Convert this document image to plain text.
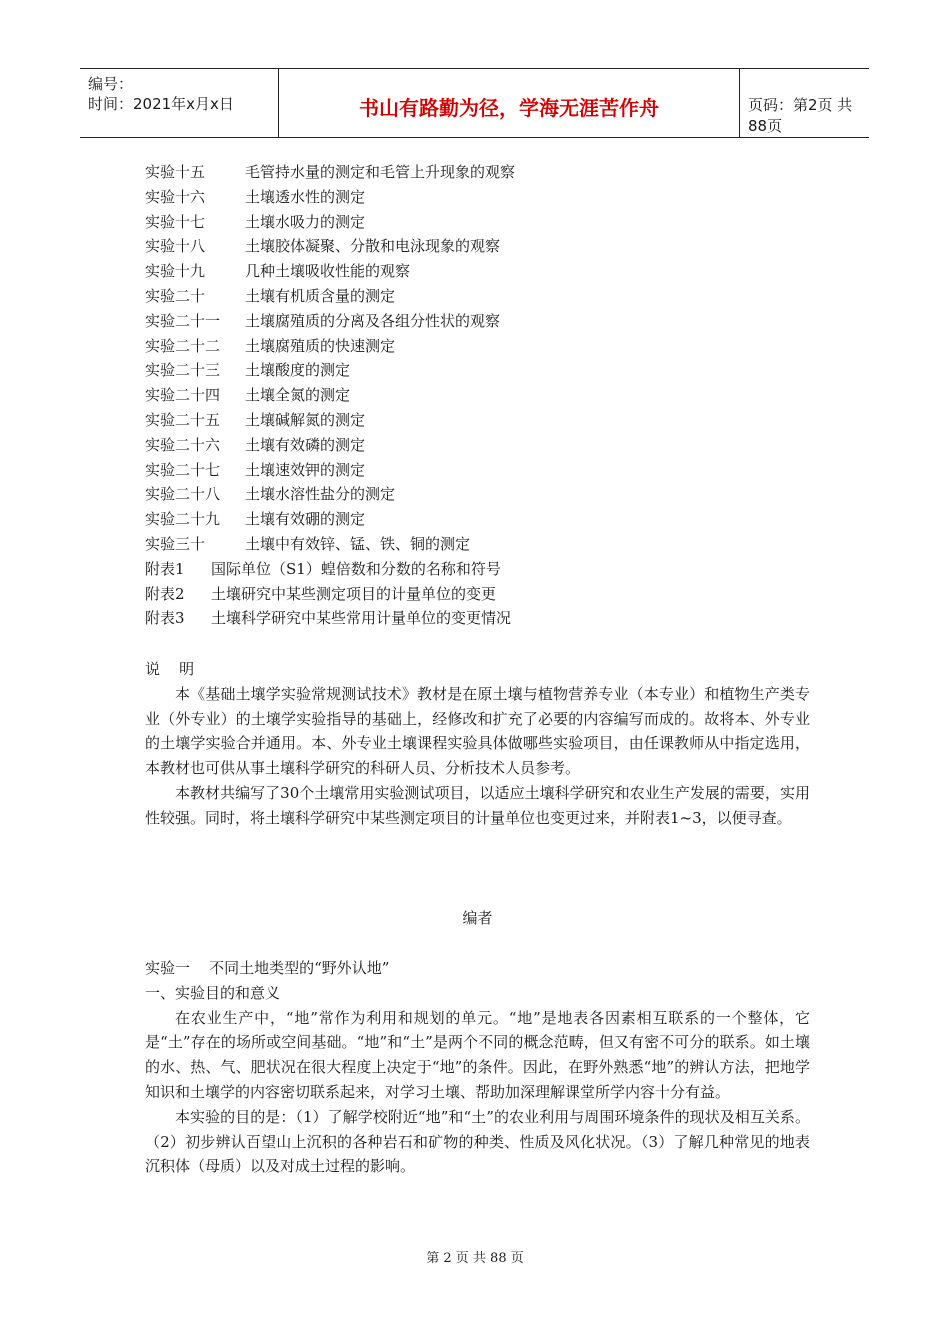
编号：
时间：2021年x月x日	书山有路勤为径，学海无涯苦作舟	页码：第2页 共88页
实验十五	毛管持水量的测定和毛管上升现象的观察
实验十六	土壤透水性的测定
实验十七	土壤水吸力的测定
实验十八	土壤胶体凝聚、分散和电泳现象的观察
实验十九	几种土壤吸收性能的观察
实验二十	土壤有机质含量的测定
实验二十一 土壤腐殖质的分离及各组分性状的观察
实验二十二 土壤腐殖质的快速测定
实验二十三 土壤酸度的测定
实验二十四 土壤全氮的测定
实验二十五 土壤碱解氮的测定
实验二十六 土壤有效磷的测定
实验二十七 土壤速效钾的测定
实验二十八 土壤水溶性盐分的测定
实验二十九 土壤有效硼的测定
实验三十	土壤中有效锌、锰、铁、铜的测定
附表1 国际单位（S1）蝗倍数和分数的名称和符号
附表2 土壤研究中某些测定项目的计量单位的变更
附表3 土壤科学研究中某些常用计量单位的变更情况
说    明

本《基础土壤学实验常规测试技术》教材是在原土壤与植物营养专业（本专业）和植物生产类专业（外专业）的土壤学实验指导的基础上，经修改和扩充了必要的内容编写而成的。故将本、外专业的土壤学实验合并通用。本、外专业土壤课程实验具体做哪些实验项目，由任课教师从中指定选用，本教材也可供从事土壤科学研究的科研人员、分析技术人员参考。

本教材共编写了30个土壤常用实验测试项目，以适应土壤科学研究和农业生产发展的需要，实用性较强。同时，将土壤科学研究中某些测定项目的计量单位也变更过来，并附表1~3，以便寻查。

编者
实验一    不同土地类型的“野外认地”
一、实验目的和意义

在农业生产中，“地”常作为利用和规划的单元。“地”是地表各因素相互联系的一个整体，它是“土”存在的场所或空间基础。“地”和“土”是两个不同的概念范畴，但又有密不可分的联系。如土壤的水、热、气、肥状况在很大程度上决定于“地”的条件。因此，在野外熟悉“地”的辨认方法，把地学知识和土壤学的内容密切联系起来，对学习土壤、帮助加深理解课堂所学内容十分有益。

本实验的目的是：（1）了解学校附近“地”和“土”的农业利用与周围环境条件的现状及相互关系。（2）初步辨认百望山上沉积的各种岩石和矿物的种类、性质及风化状况。（3）了解几种常见的地表沉积体（母质）以及对成土过程的影响。

第 2 页 共 88 页
